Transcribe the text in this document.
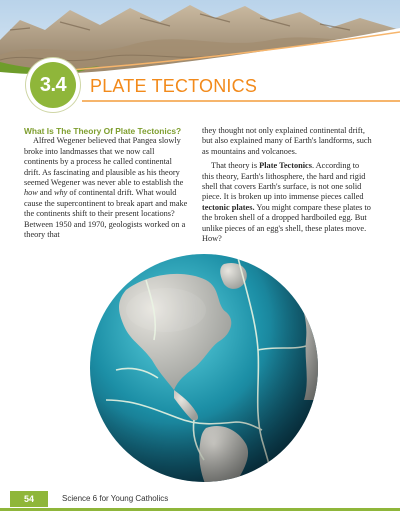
3.4 PLATE TECTONICS

What Is The Theory Of Plate Tectonics?

Alfred Wegener believed that Pangea slowly broke into landmasses that we now call continents by a process he called continental drift. As fascinating and plausible as his theory seemed Wegener was never able to establish the how and why of continental drift. What would cause the supercontinent to break apart and make the continents shift to their present locations? Between 1950 and 1970, geologists worked on a theory that

they thought not only explained continental drift, but also explained many of Earth's landforms, such as mountains and volcanoes.

That theory is Plate Tectonics. According to this theory, Earth's lithosphere, the hard and rigid shell that covers Earth's surface, is not one solid piece. It is broken up into immense pieces called tectonic plates. You might compare these plates to the broken shell of a dropped hardboiled egg. But unlike pieces of an egg's shell, these plates move. How?

54	Science 6 for Young Catholics
